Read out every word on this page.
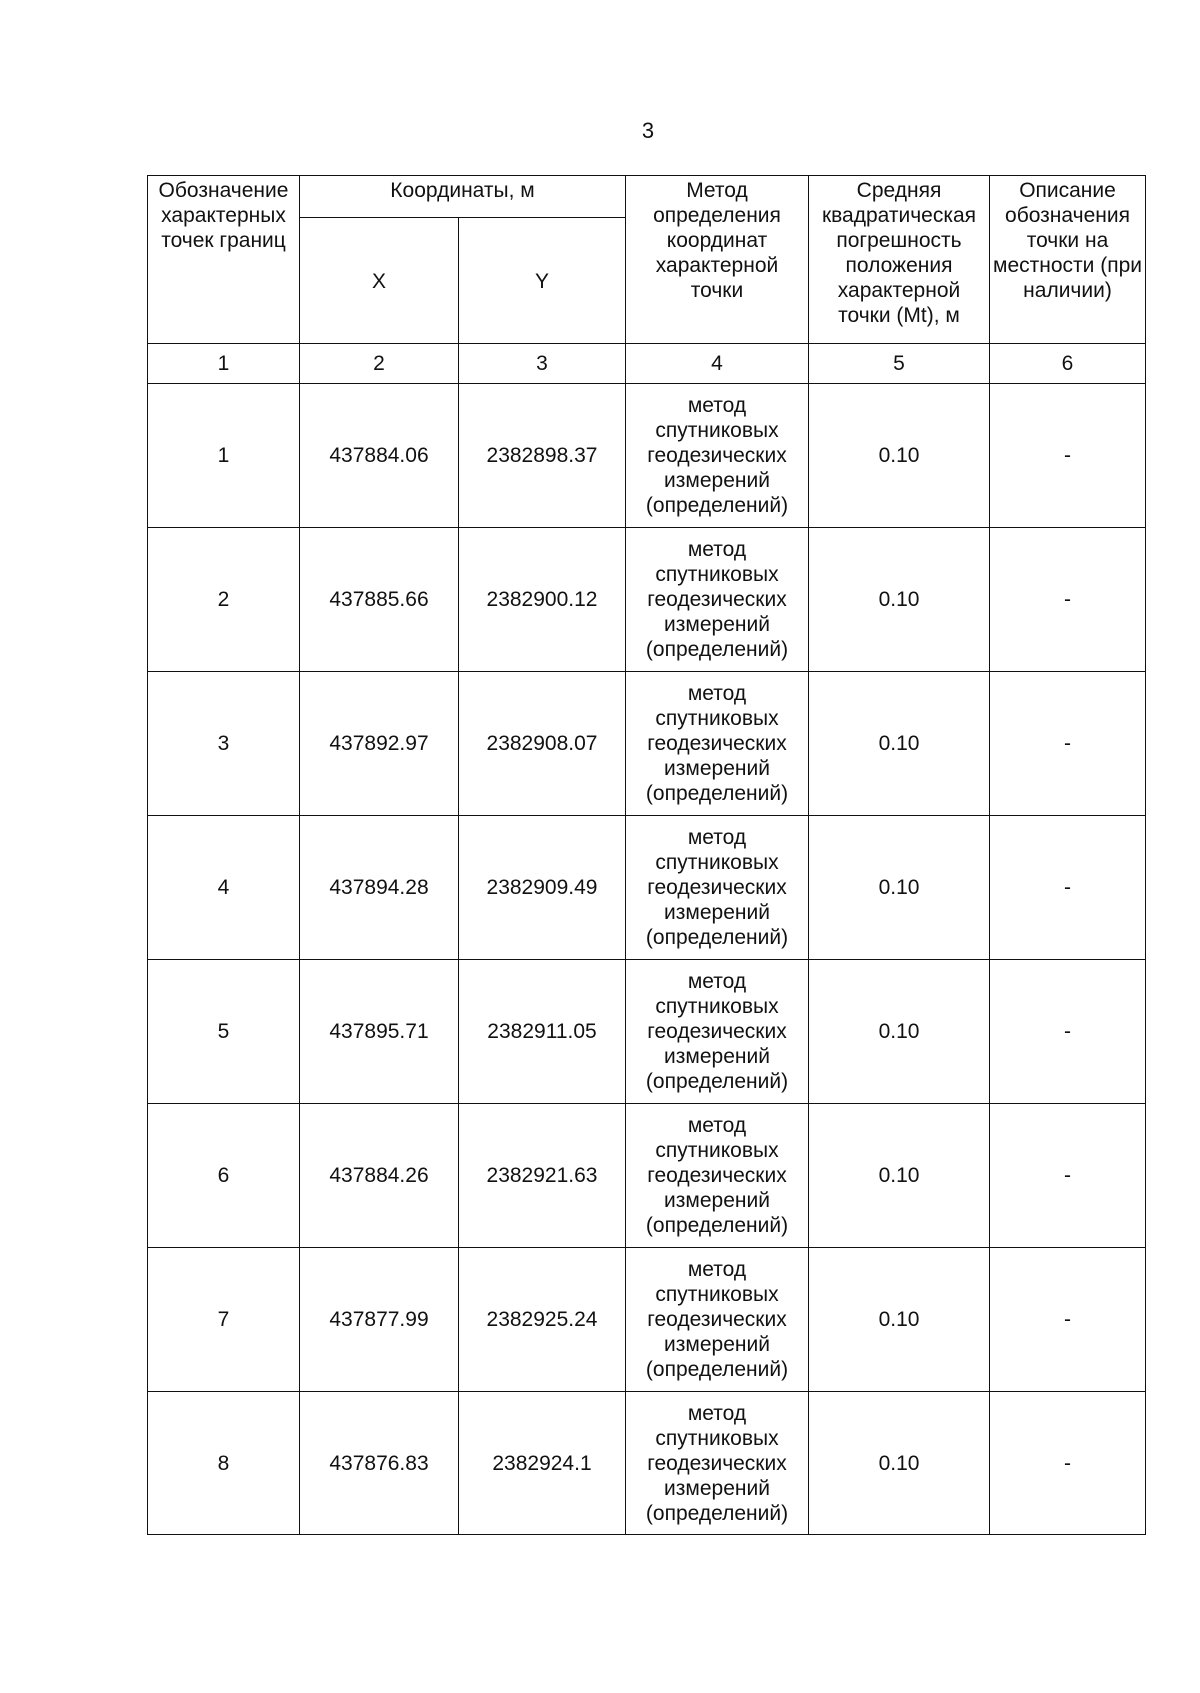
3
Обозначение характерных точек границ	Координаты, м		Метод определения координат характерной точки	Средняя квадратическая погрешность положения характерной точки (Mt), м	Описание обозначения точки на местности (при наличии)
	X	Y			
1	2	3	4	5	6
1	437884.06	2382898.37	метод спутниковых геодезических измерений (определений)	0.10	-
2	437885.66	2382900.12	метод спутниковых геодезических измерений (определений)	0.10	-
3	437892.97	2382908.07	метод спутниковых геодезических измерений (определений)	0.10	-
4	437894.28	2382909.49	метод спутниковых геодезических измерений (определений)	0.10	-
5	437895.71	2382911.05	метод спутниковых геодезических измерений (определений)	0.10	-
6	437884.26	2382921.63	метод спутниковых геодезических измерений (определений)	0.10	-
7	437877.99	2382925.24	метод спутниковых геодезических измерений (определений)	0.10	-
8	437876.83	2382924.1	метод спутниковых геодезических измерений (определений)	0.10	-
